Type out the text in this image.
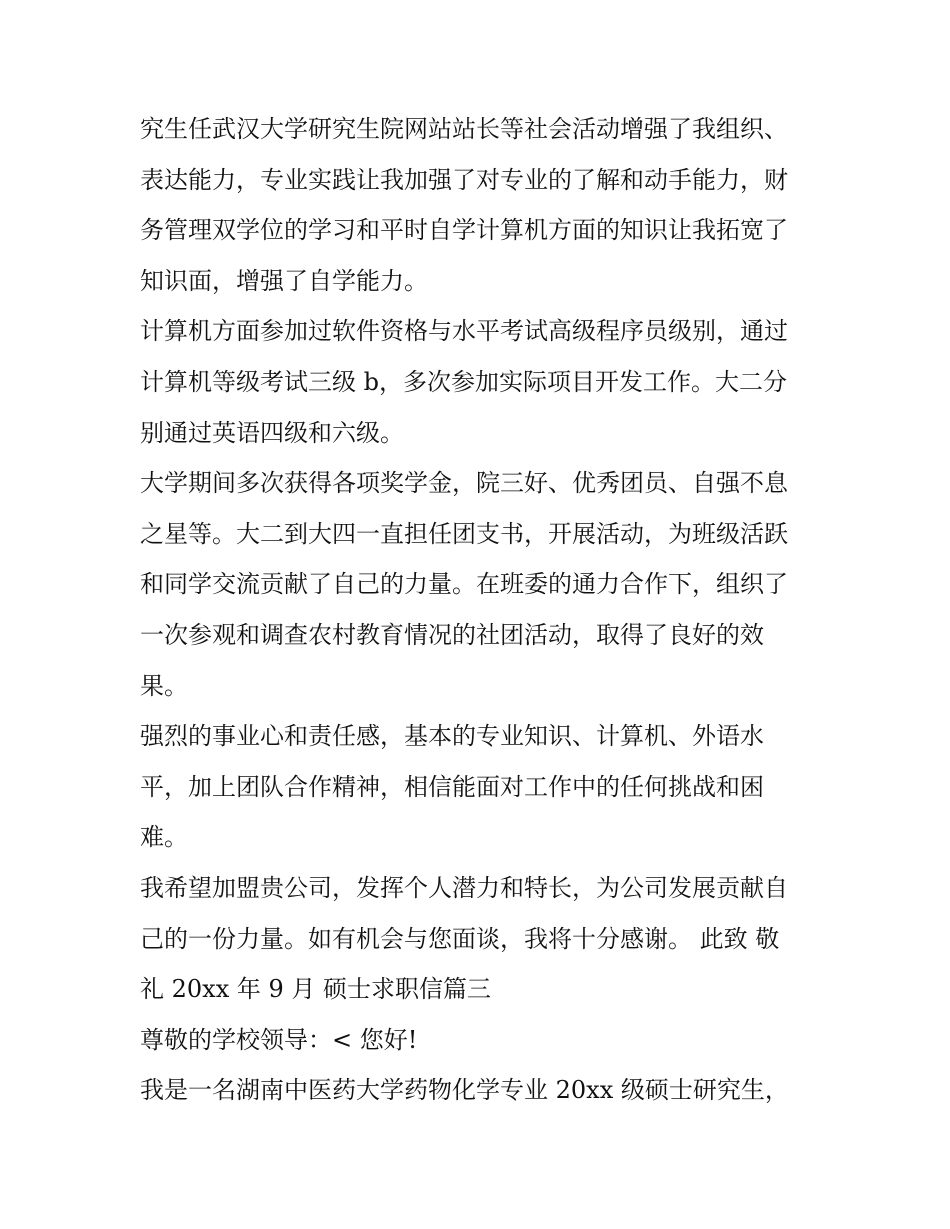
究生任武汉大学研究生院网站站长等社会活动增强了我组织、
表达能力，专业实践让我加强了对专业的了解和动手能力，财
务管理双学位的学习和平时自学计算机方面的知识让我拓宽了
知识面，增强了自学能力。
计算机方面参加过软件资格与水平考试高级程序员级别，通过
计算机等级考试三级 b，多次参加实际项目开发工作。大二分
别通过英语四级和六级。
大学期间多次获得各项奖学金，院三好、优秀团员、自强不息
之星等。大二到大四一直担任团支书，开展活动，为班级活跃
和同学交流贡献了自己的力量。在班委的通力合作下，组织了
一次参观和调查农村教育情况的社团活动，取得了良好的效
果。
强烈的事业心和责任感，基本的专业知识、计算机、外语水
平，加上团队合作精神，相信能面对工作中的任何挑战和困
难。
我希望加盟贵公司，发挥个人潜力和特长，为公司发展贡献自
己的一份力量。如有机会与您面谈，我将十分感谢。 此致 敬
礼 20xx 年 9 月 硕士求职信篇三
尊敬的学校领导：< 您好!
我是一名湖南中医药大学药物化学专业 20xx 级硕士研究生，
